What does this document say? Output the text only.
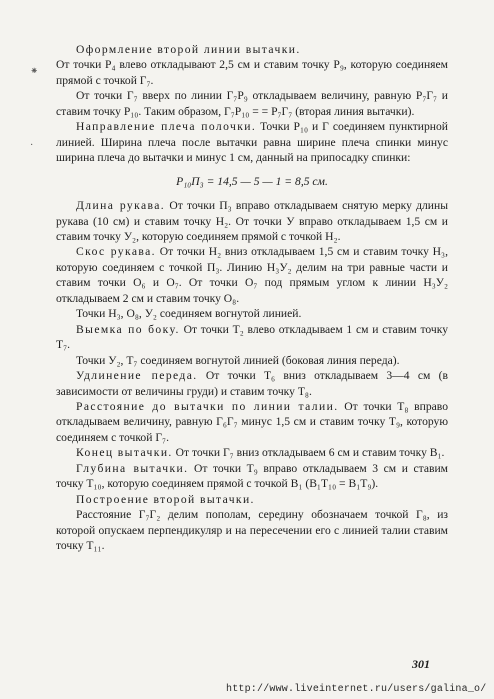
Оформление второй линии вытачки.

От точки Р₄ влево откладывают 2,5 см и ставим точку Р₉, которую соединяем прямой с точкой Г₇.

От точки Г₇ вверх по линии Г₇Р₉ откладываем величину, равную Р₇Г₇ и ставим точку Р₁₀. Таким образом, Г₇Р₁₀ = = Р₇Г₇ (вторая линия вытачки).

Направление плеча полочки. Точки Р₁₀ и Г соединяем пунктирной линией. Ширина плеча после вытачки равна ширине плеча спинки минус ширина плеча до вытачки и минус 1 см, данный на припосадку спинки:

Р₁₀П₃ = 14,5 — 5 — 1 = 8,5 см.

Длина рукава. От точки П₃ вправо откладываем снятую мерку длины рукава (10 см) и ставим точку Н₂. От точки У вправо откладываем 1,5 см и ставим точку У₂, которую соединяем прямой с точкой Н₂.

Скос рукава. От точки Н₂ вниз откладываем 1,5 см и ставим точку Н₃, которую соединяем с точкой П₃. Линию Н₃У₂ делим на три равные части и ставим точки О₆ и О₇. От точки О₇ под прямым углом к линии Н₃У₂ откладываем 2 см и ставим точку О₈.

Точки Н₃, О₈, У₂ соединяем вогнутой линией.

Выемка по боку. От точки Т₂ влево откладываем 1 см и ставим точку Т₇.

Точки У₂, Т₇ соединяем вогнутой линией (боковая линия переда).

Удлинение переда. От точки Т₆ вниз откладываем 3—4 см (в зависимости от величины груди) и ставим точку Т₈.

Расстояние до вытачки по линии талии. От точки Т₈ вправо откладываем величину, равную Г₆Г₇ минус 1,5 см и ставим точку Т₉, которую соединяем с точкой Г₇.

Конец вытачки. От точки Г₇ вниз откладываем 6 см и ставим точку В₁.

Глубина вытачки. От точки Т₉ вправо откладываем 3 см и ставим точку Т₁₀, которую соединяем прямой с точкой В₁ (В₁Т₁₀ = В₁Т₉).

Построение второй вытачки.

Расстояние Г₇Г₂ делим пополам, середину обозначаем точкой Г₈, из которой опускаем перпендикуляр и на пересечении его с линией талии ставим точку Т₁₁.

⁕
·
301
http://www.liveinternet.ru/users/galina_o/
